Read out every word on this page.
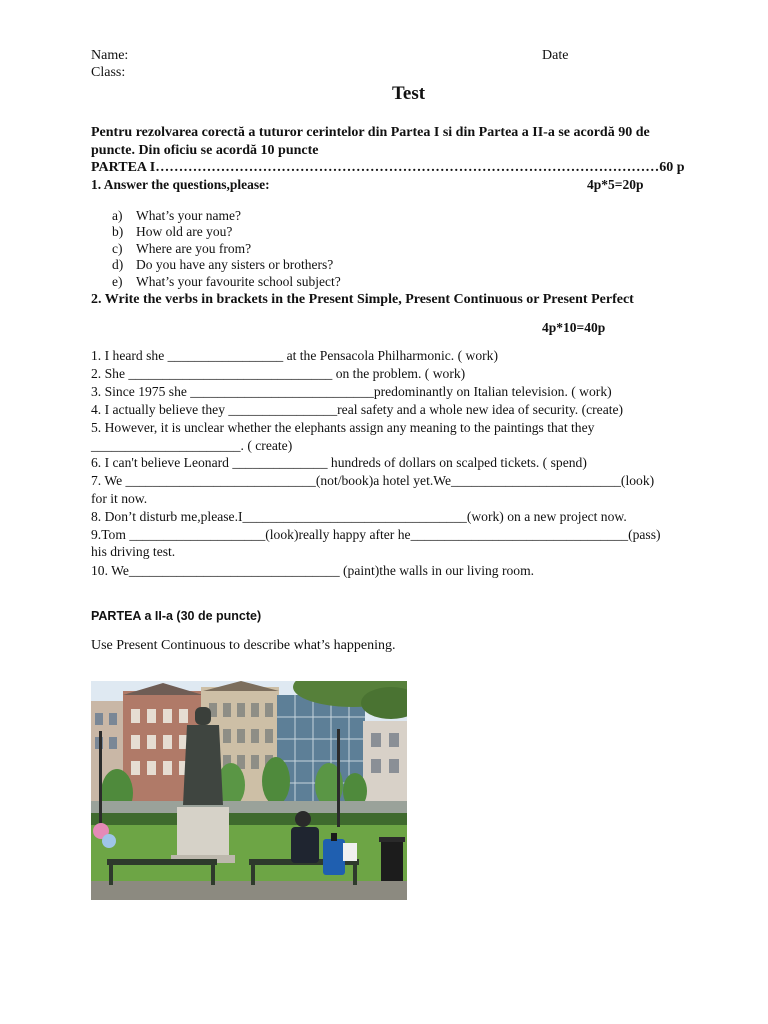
Name:	Date
Class:
Test
Pentru rezolvarea corectă a tuturor cerintelor din Partea I si din Partea a II-a se acordă 90 de
puncte. Din oficiu se acordă 10 puncte
PARTEA I………………………………………………………………………………………………60 p
1. Answer the questions,please:	4p*5=20p
a) What’s your name?
b) How old are you?
c) Where are you from?
d) Do you have any sisters or brothers?
e) What’s your favourite school subject?
2. Write the verbs in brackets in the Present Simple, Present Continuous or Present Perfect
4p*10=40p
1. I heard she _________________ at the Pensacola Philharmonic. ( work)
2. She ______________________________ on the problem. ( work)
3. Since 1975 she ___________________________predominantly on Italian television. ( work)
4. I actually believe they ________________real safety and a whole new idea of security. (create)
5. However, it is unclear whether the elephants assign any meaning to the paintings that they
______________________. ( create)
6. I can't believe Leonard ______________ hundreds of dollars on scalped tickets. ( spend)
7. We ____________________________(not/book)a hotel yet.We_________________________(look)
for it now.
8. Don’t disturb me,please.I_________________________________(work) on a new project now.
9.Tom ____________________(look)really happy after he________________________________(pass)
his driving test.
10. We_______________________________ (paint)the walls in our living room.
PARTEA a II-a (30 de puncte)
Use Present Continuous to describe what’s happening.
